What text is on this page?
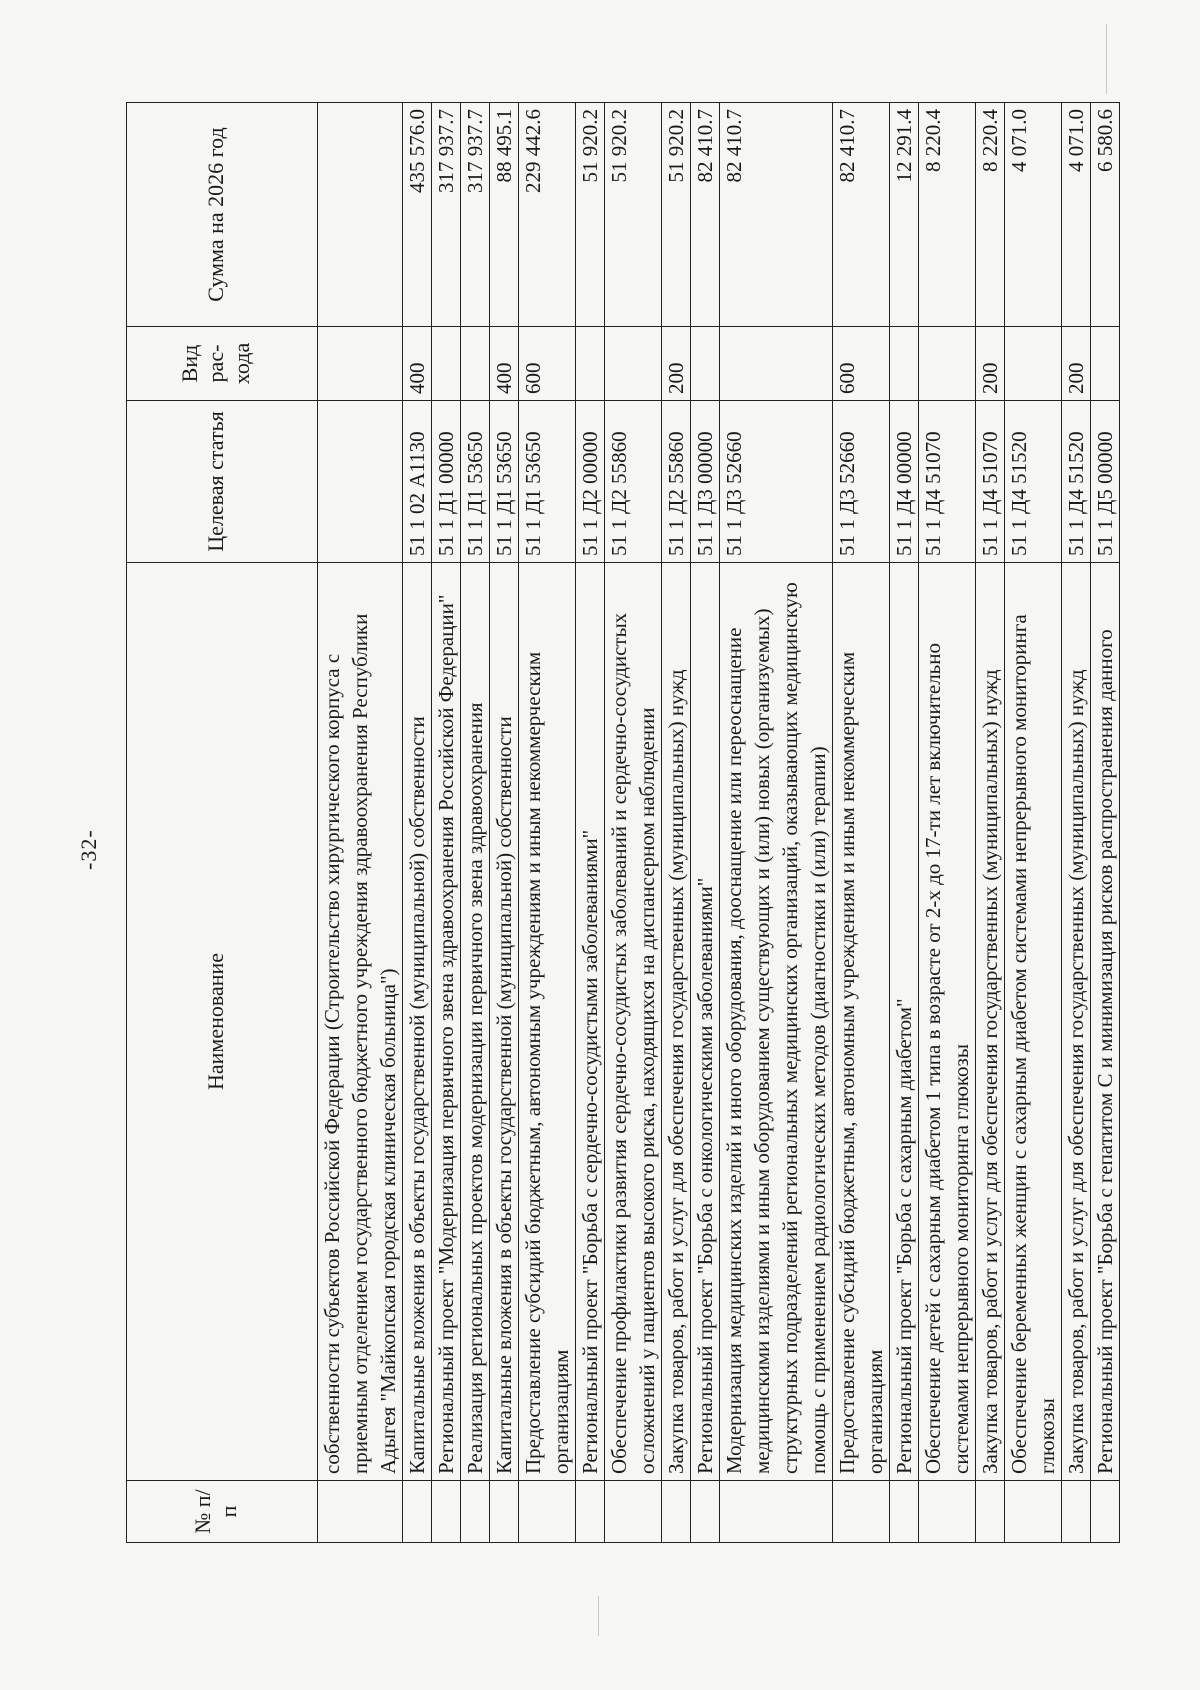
-32-
№ п/п	Наименование	Целевая статья	Вид рас- хода	Сумма на 2026 год
	собственности субъектов Российской Федерации (Строительство хирургического корпуса с приемным отделением государственного бюджетного учреждения здравоохранения Республики Адыгея "Майкопская городская клиническая больница")			
	Капитальные вложения в объекты государственной (муниципальной) собственности	51 1 02 А1130	400	435 576.0
	Региональный проект "Модернизация первичного звена здравоохранения Российской Федерации"	51 1 Д1 00000		317 937.7
	Реализация региональных проектов модернизации первичного звена здравоохранения	51 1 Д1 53650		317 937.7
	Капитальные вложения в объекты государственной (муниципальной) собственности	51 1 Д1 53650	400	88 495.1
	Предоставление субсидий бюджетным, автономным учреждениям и иным некоммерческим организациям	51 1 Д1 53650	600	229 442.6
	Региональный проект "Борьба с сердечно-сосудистыми заболеваниями"	51 1 Д2 00000		51 920.2
	Обеспечение профилактики развития сердечно-сосудистых заболеваний и сердечно-сосудистых осложнений у пациентов высокого риска, находящихся на диспансерном наблюдении	51 1 Д2 55860		51 920.2
	Закупка товаров, работ и услуг для обеспечения государственных (муниципальных) нужд	51 1 Д2 55860	200	51 920.2
	Региональный проект "Борьба с онкологическими заболеваниями"	51 1 Д3 00000		82 410.7
	Модернизация медицинских изделий и иного оборудования, дооснащение или переоснащение медицинскими изделиями и иным оборудованием существующих и (или) новых (организуемых) структурных подразделений региональных медицинских организаций, оказывающих медицинскую помощь с применением радиологических методов (диагностики и (или) терапии)	51 1 Д3 52660		82 410.7
	Предоставление субсидий бюджетным, автономным учреждениям и иным некоммерческим организациям	51 1 Д3 52660	600	82 410.7
	Региональный проект "Борьба с сахарным диабетом"	51 1 Д4 00000		12 291.4
	Обеспечение детей с сахарным диабетом 1 типа в возрасте от 2-х до 17-ти лет включительно системами непрерывного мониторинга глюкозы	51 1 Д4 51070		8 220.4
	Закупка товаров, работ и услуг для обеспечения государственных (муниципальных) нужд	51 1 Д4 51070	200	8 220.4
	Обеспечение беременных женщин с сахарным диабетом системами непрерывного мониторинга глюкозы	51 1 Д4 51520		4 071.0
	Закупка товаров, работ и услуг для обеспечения государственных (муниципальных) нужд	51 1 Д4 51520	200	4 071.0
	Региональный проект "Борьба с гепатитом С и минимизация рисков распространения данного	51 1 Д5 00000		6 580.6
